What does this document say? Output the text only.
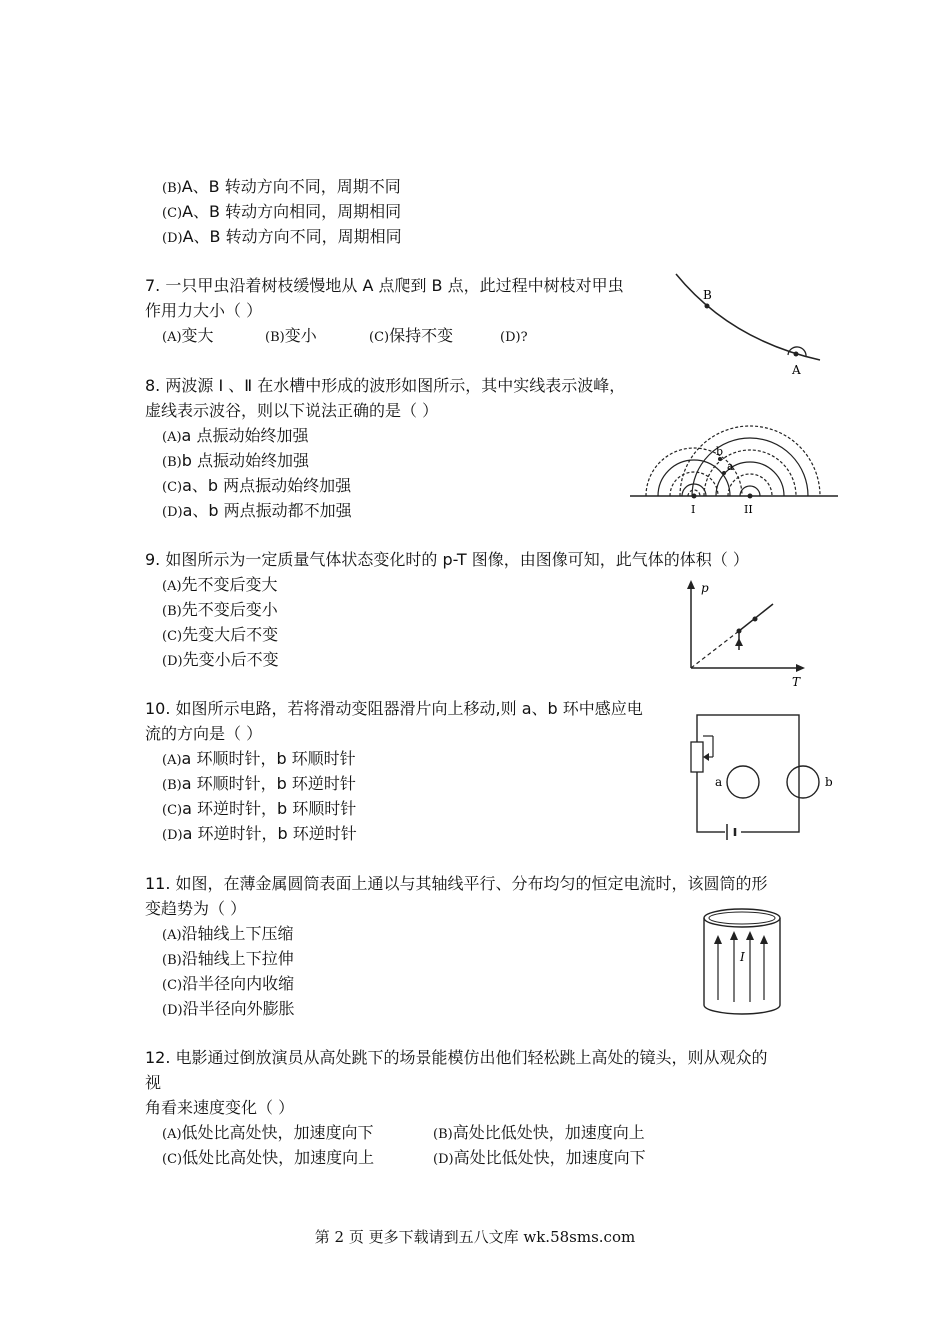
(B)A、B 转动方向不同，周期不同
(C)A、B 转动方向相同，周期相同
(D)A、B 转动方向不同，周期相同
7. 一只甲虫沿着树枝缓慢地从 A 点爬到 B 点，此过程中树枝对甲虫
作用力大小（ ）
(A)变大	(B)变小	(C)保持不变	(D)?
B
A
8. 两波源 Ⅰ 、Ⅱ 在水槽中形成的波形如图所示，其中实线表示波峰，
虚线表示波谷，则以下说法正确的是（ ）
(A)a 点振动始终加强
(B)b 点振动始终加强
(C)a、b 两点振动始终加强
(D)a、b 两点振动都不加强
b
a
I	II
9. 如图所示为一定质量气体状态变化时的 p-T 图像，由图像可知，此气体的体积（ ）
(A)先不变后变大
(B)先不变后变小
(C)先变大后不变
(D)先变小后不变
p
T
10. 如图所示电路，若将滑动变阻器滑片向上移动,则 a、b 环中感应电
流的方向是（ ）
(A)a 环顺时针，b 环顺时针
(B)a 环顺时针，b 环逆时针
(C)a 环逆时针，b 环顺时针
(D)a 环逆时针，b 环逆时针
a	b
11. 如图，在薄金属圆筒表面上通以与其轴线平行、分布均匀的恒定电流时，该圆筒的形
变趋势为（ ）
(A)沿轴线上下压缩
(B)沿轴线上下拉伸
(C)沿半径向内收缩
(D)沿半径向外膨胀
I
12. 电影通过倒放演员从高处跳下的场景能模仿出他们轻松跳上高处的镜头，则从观众的
视
角看来速度变化（ ）
(A)低处比高处快，加速度向下	(B)高处比低处快，加速度向上
(C)低处比高处快，加速度向上	(D)高处比低处快，加速度向下
第 2 页 更多下载请到五八文库 wk.58sms.com
